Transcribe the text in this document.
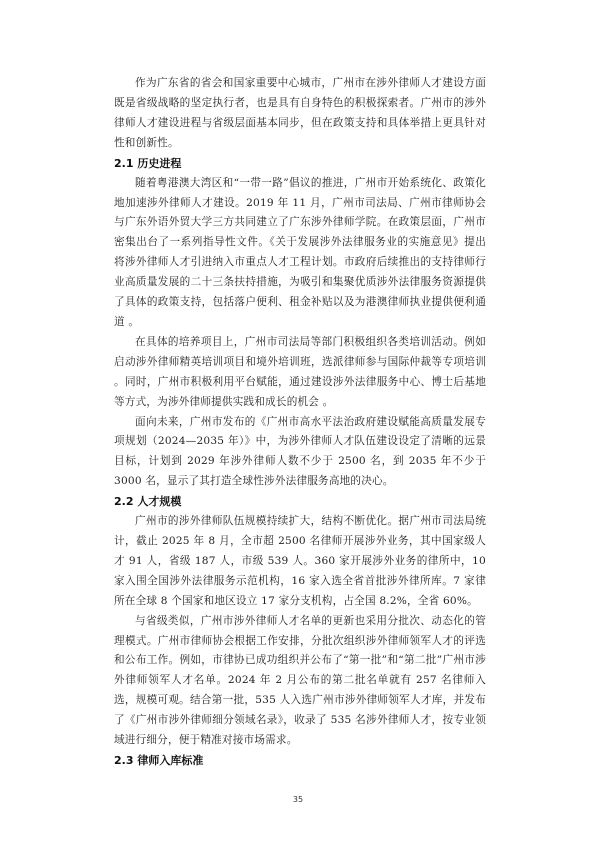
作为广东省的省会和国家重要中心城市，广州市在涉外律师人才建设方面既是省级战略的坚定执行者，也是具有自身特色的积极探索者。广州市的涉外律师人才建设进程与省级层面基本同步，但在政策支持和具体举措上更具针对性和创新性。

2.1 历史进程

随着粤港澳大湾区和“一带一路”倡议的推进，广州市开始系统化、政策化地加速涉外律师人才建设。2019 年 11 月，广州市司法局、广州市律师协会与广东外语外贸大学三方共同建立了广东涉外律师学院。在政策层面，广州市密集出台了一系列指导性文件。《关于发展涉外法律服务业的实施意见》提出将涉外律师人才引进纳入市重点人才工程计划。市政府后续推出的支持律师行业高质量发展的二十三条扶持措施，为吸引和集聚优质涉外法律服务资源提供了具体的政策支持，包括落户便利、租金补贴以及为港澳律师执业提供便利通道 。

在具体的培养项目上，广州市司法局等部门积极组织各类培训活动。例如启动涉外律师精英培训项目和境外培训班，选派律师参与国际仲裁等专项培训 。同时，广州市积极利用平台赋能，通过建设涉外法律服务中心、博士后基地等方式，为涉外律师提供实践和成长的机会 。

面向未来，广州市发布的《广州市高水平法治政府建设赋能高质量发展专项规划（2024—2035 年）》中，为涉外律师人才队伍建设设定了清晰的远景目标，计划到 2029 年涉外律师人数不少于 2500 名，到 2035 年不少于 3000 名，显示了其打造全球性涉外法律服务高地的决心。

2.2 人才规模

广州市的涉外律师队伍规模持续扩大，结构不断优化。据广州市司法局统计，截止 2025 年 8 月，全市超 2500 名律师开展涉外业务，其中国家级人才 91 人，省级 187 人，市级 539 人。360 家开展涉外业务的律所中，10 家入围全国涉外法律服务示范机构，16 家入选全省首批涉外律所库。7 家律所在全球 8 个国家和地区设立 17 家分支机构，占全国 8.2%，全省 60%。

与省级类似，广州市涉外律师人才名单的更新也采用分批次、动态化的管理模式。广州市律师协会根据工作安排，分批次组织涉外律师领军人才的评选和公布工作。例如，市律协已成功组织并公布了“第一批”和“第二批”广州市涉外律师领军人才名单。2024 年 2 月公布的第二批名单就有 257 名律师入选，规模可观。结合第一批，535 人入选广州市涉外律师领军人才库，并发布了《广州市涉外律师细分领域名录》，收录了 535 名涉外律师人才，按专业领域进行细分，便于精准对接市场需求。

2.3 律师入库标准

35
